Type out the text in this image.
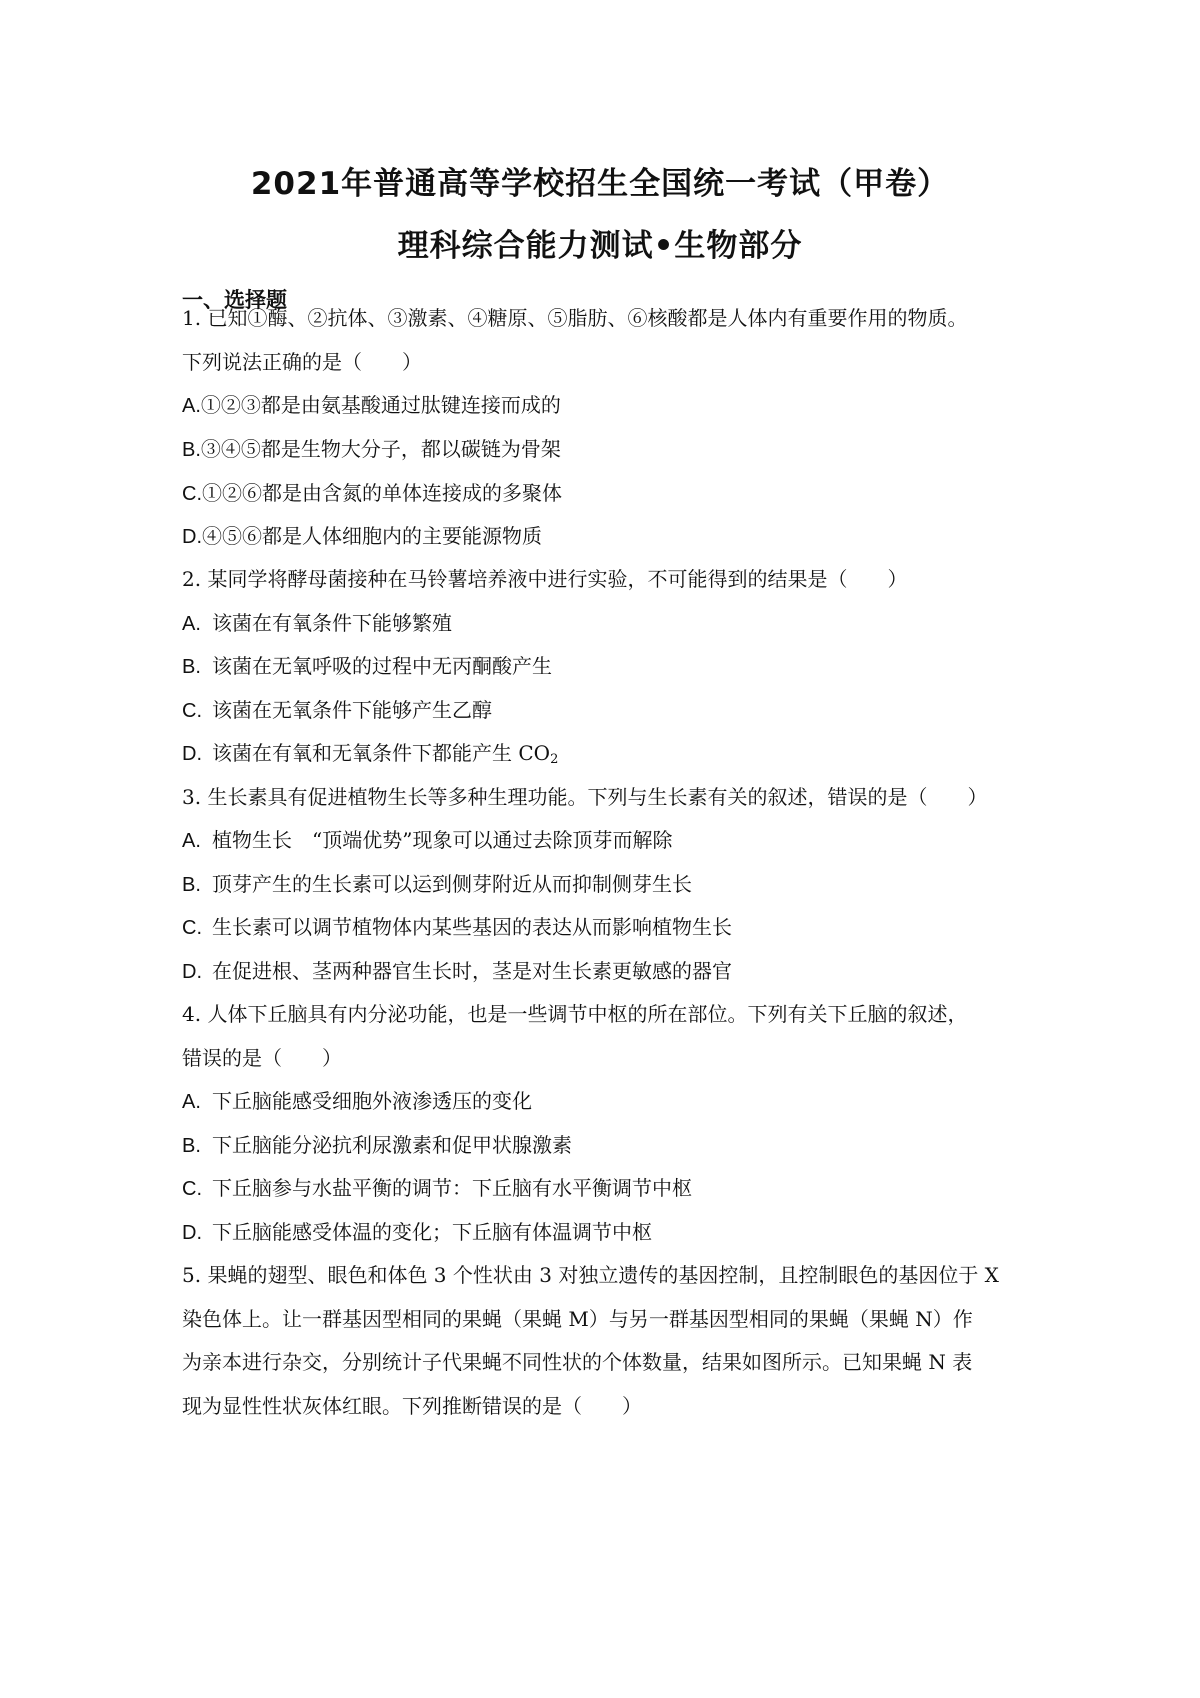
2021年普通高等学校招生全国统一考试（甲卷）
理科综合能力测试•生物部分
一、选择题
1. 已知①酶、②抗体、③激素、④糖原、⑤脂肪、⑥核酸都是人体内有重要作用的物质。
下列说法正确的是（　　）
A.①②③都是由氨基酸通过肽键连接而成的
B.③④⑤都是生物大分子，都以碳链为骨架
C.①②⑥都是由含氮的单体连接成的多聚体
D.④⑤⑥都是人体细胞内的主要能源物质
2. 某同学将酵母菌接种在马铃薯培养液中进行实验，不可能得到的结果是（　　）
A. 该菌在有氧条件下能够繁殖
B. 该菌在无氧呼吸的过程中无丙酮酸产生
C. 该菌在无氧条件下能够产生乙醇
D. 该菌在有氧和无氧条件下都能产生 $CO_2$
3. 生长素具有促进植物生长等多种生理功能。下列与生长素有关的叙述，错误的是（　　）
A. 植物生长　“顶端优势”现象可以通过去除顶芽而解除
B. 顶芽产生的生长素可以运到侧芽附近从而抑制侧芽生长
C. 生长素可以调节植物体内某些基因的表达从而影响植物生长
D. 在促进根、茎两种器官生长时，茎是对生长素更敏感的器官
4. 人体下丘脑具有内分泌功能，也是一些调节中枢的所在部位。下列有关下丘脑的叙述，
错误的是（　　）
A. 下丘脑能感受细胞外液渗透压的变化
B. 下丘脑能分泌抗利尿激素和促甲状腺激素
C. 下丘脑参与水盐平衡的调节：下丘脑有水平衡调节中枢
D. 下丘脑能感受体温的变化；下丘脑有体温调节中枢
5. 果蝇的翅型、眼色和体色 3 个性状由 3 对独立遗传的基因控制，且控制眼色的基因位于 X
染色体上。让一群基因型相同的果蝇（果蝇 M）与另一群基因型相同的果蝇（果蝇 N）作
为亲本进行杂交，分别统计子代果蝇不同性状的个体数量，结果如图所示。已知果蝇 N 表
现为显性性状灰体红眼。下列推断错误的是（　　）
